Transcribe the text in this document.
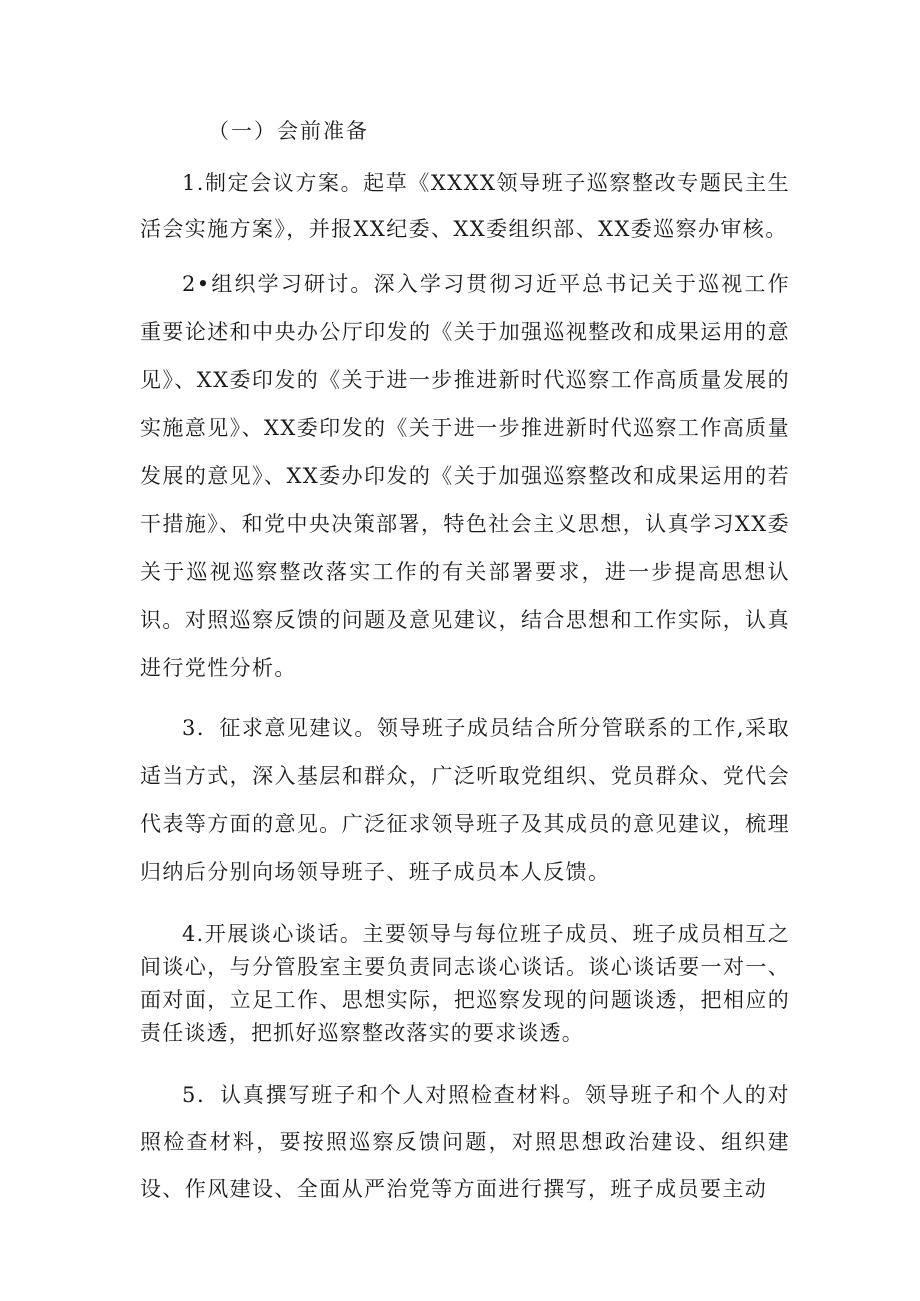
（一）会前准备

1.制定会议方案。起草《XXXX领导班子巡察整改专题民主生活会实施方案》，并报XX纪委、XX委组织部、XX委巡察办审核。

2•组织学习研讨。深入学习贯彻习近平总书记关于巡视工作重要论述和中央办公厅印发的《关于加强巡视整改和成果运用的意见》、XX委印发的《关于进一步推进新时代巡察工作高质量发展的实施意见》、XX委印发的《关于进一步推进新时代巡察工作高质量发展的意见》、XX委办印发的《关于加强巡察整改和成果运用的若干措施》、和党中央决策部署，特色社会主义思想，认真学习XX委关于巡视巡察整改落实工作的有关部署要求，进一步提高思想认识。对照巡察反馈的问题及意见建议，结合思想和工作实际，认真进行党性分析。

3．征求意见建议。领导班子成员结合所分管联系的工作,采取适当方式，深入基层和群众，广泛听取党组织、党员群众、党代会代表等方面的意见。广泛征求领导班子及其成员的意见建议，梳理归纳后分别向场领导班子、班子成员本人反馈。

4.开展谈心谈话。主要领导与每位班子成员、班子成员相互之间谈心，与分管股室主要负责同志谈心谈话。谈心谈话要一对一、面对面，立足工作、思想实际，把巡察发现的问题谈透，把相应的责任谈透，把抓好巡察整改落实的要求谈透。

5．认真撰写班子和个人对照检查材料。领导班子和个人的对照检查材料，要按照巡察反馈问题，对照思想政治建设、组织建设、作风建设、全面从严治党等方面进行撰写，班子成员要主动
